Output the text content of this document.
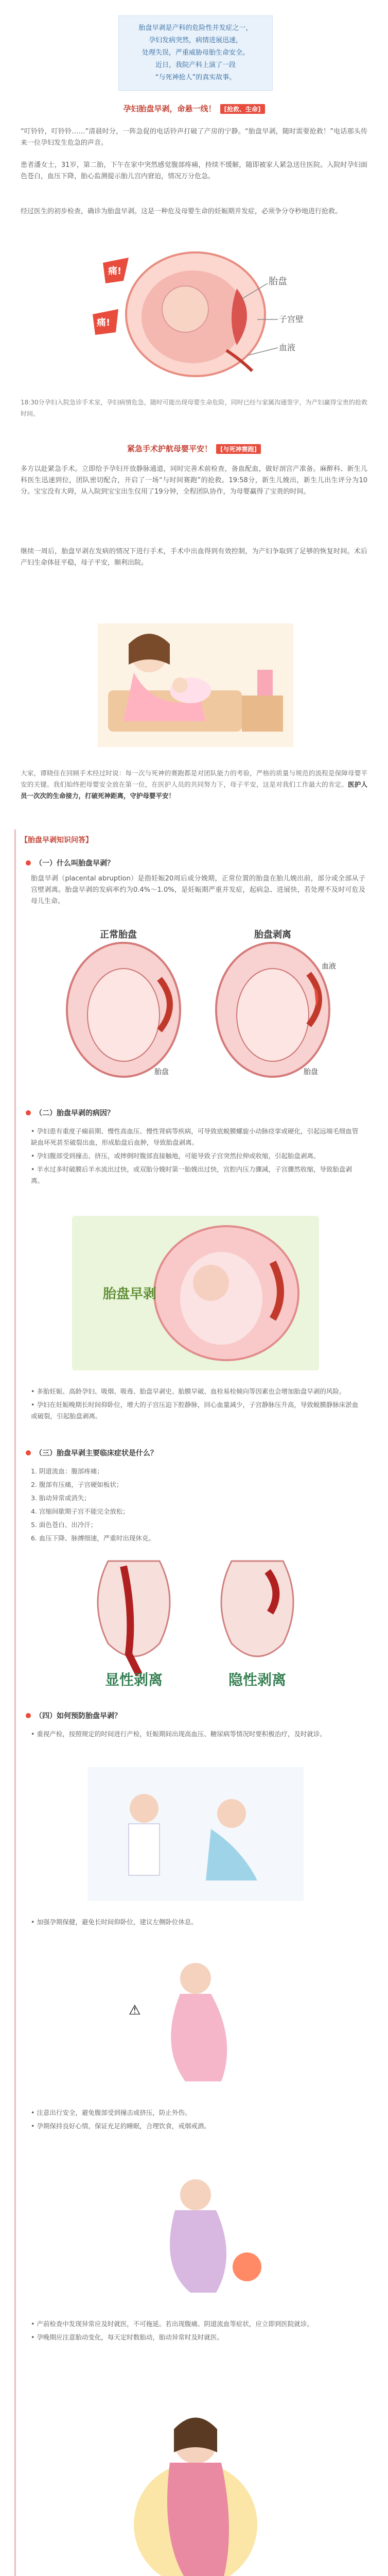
胎盘早剥是产科的危险性并发症之一，
孕妇发病突然，病情进展迅速，
处理失误，严重威胁母胎生命安全。
近日，我院产科上演了一段
“与死神抢人”的真实故事。
孕妇胎盘早剥，命悬一线！ [抢救、生命]
“叮铃铃，叮铃铃……”清晨时分，一阵急促的电话铃声打破了产房的宁静。“胎盘早剥，随时需要抢救！”电话那头传来一位孕妇发生危急的声音。
患者潘女士，31岁，第二胎，下午在家中突然感觉腹部疼痛，持续不缓解，随即被家人紧急送往医院。入院时孕妇面色苍白，血压下降，胎心监测提示胎儿宫内窘迫，情况万分危急。
经过医生的初步检查，确诊为胎盘早剥。这是一种危及母婴生命的妊娠期并发症，必须争分夺秒地进行抢救。
痛!
痛!
胎盘
子宫壁
血液
18:30分孕妇入院急诊手术室，孕妇病情危急，随时可能出现母婴生命危险，同时已经与家属沟通签字，为产妇赢得宝贵的抢救时间。
紧急手术护航母婴平安！ [与死神赛跑]
多方以赴紧急手术。立即给予孕妇开放静脉通道，同时完善术前检查，备血配血，做好剖宫产准备。麻醉科、新生儿科医生迅速到位，团队密切配合，开启了一场“与时间赛跑”的抢救。19:58分，新生儿娩出，新生儿出生评分为10分。宝宝没有大碍，从入院到宝宝出生仅用了19分钟，全程团队协作，为母婴赢得了宝贵的时间。
继续一周后，胎盘早剥在发病的情况下进行手术，手术中出血得到有效控制，为产妇争取到了足够的恢复时间。术后产妇生命体征平稳，母子平安，顺利出院。
大家，谭晓佳在回顾手术经过时说：每一次与死神的赛跑都是对团队能力的考验，严格的质量与规范的流程是保障母婴平安的关键。我们始终把母婴安全放在第一位，在医护人员的共同努力下，母子平安，这是对我们工作最大的肯定。医护人员一次次的生命接力，打破死神距离，守护母婴平安！
【胎盘早剥知识问答】
（一）什么叫胎盘早剥？
胎盘早剥（placental abruption）是指妊娠20周后或分娩期，正常位置的胎盘在胎儿娩出前，部分或全部从子宫壁剥离。胎盘早剥的发病率约为0.4%～1.0%，是妊娠期严重并发症，起病急、进展快，若处理不及时可危及母儿生命。
正常胎盘	胎盘剥离
血液
胎盘	胎盘
（二）胎盘早剥的病因？
• 孕妇患有重度子痫前期、慢性高血压、慢性肾病等疾病，可导致底蜕膜螺旋小动脉痉挛或硬化，引起远端毛细血管缺血坏死甚至破裂出血，形成胎盘后血肿，导致胎盘剥离。
• 孕妇腹部受到撞击、挤压，或摔倒时腹部直接触地，可能导致子宫突然拉伸或收缩，引起胎盘剥离。
• 羊水过多时破膜后羊水流出过快，或双胎分娩时第一胎娩出过快，宫腔内压力骤减，子宫骤然收缩，导致胎盘剥离。
胎盘早剥
• 多胎妊娠、高龄孕妇、吸烟、吸毒、胎盘早剥史、胎膜早破、血栓易栓倾向等因素也会增加胎盘早剥的风险。
• 孕妇在妊娠晚期长时间仰卧位，增大的子宫压迫下腔静脉，回心血量减少，子宫静脉压升高，导致蜕膜静脉床淤血或破裂，引起胎盘剥离。
（三）胎盘早剥主要临床症状是什么？
1. 阴道流血：腹部疼痛；
2. 腹部有压痛，子宫硬如板状；
3. 胎动异常或消失；
4. 宫缩间歇期子宫不能完全放松；
5. 面色苍白、出冷汗；
6. 血压下降、脉搏细速，严重时出现休克。
显性剥离	隐性剥离
（四）如何预防胎盘早剥？
• 重视产检，按照规定的时间进行产检，妊娠期间出现高血压、糖尿病等情况时要积极治疗，及时就诊。
• 加强孕期保健，避免长时间仰卧位，建议左侧卧位休息。
⚠
• 注意出行安全，避免腹部受到撞击或挤压，防止外伤。
• 孕期保持良好心情，保证充足的睡眠，合理饮食，戒烟戒酒。
• 产前检查中发现异常应及时就医，不可拖延。若出现腹痛、阴道流血等症状，应立即到医院就诊。
• 孕晚期应注意胎动变化，每天定时数胎动，胎动异常时及时就医。
